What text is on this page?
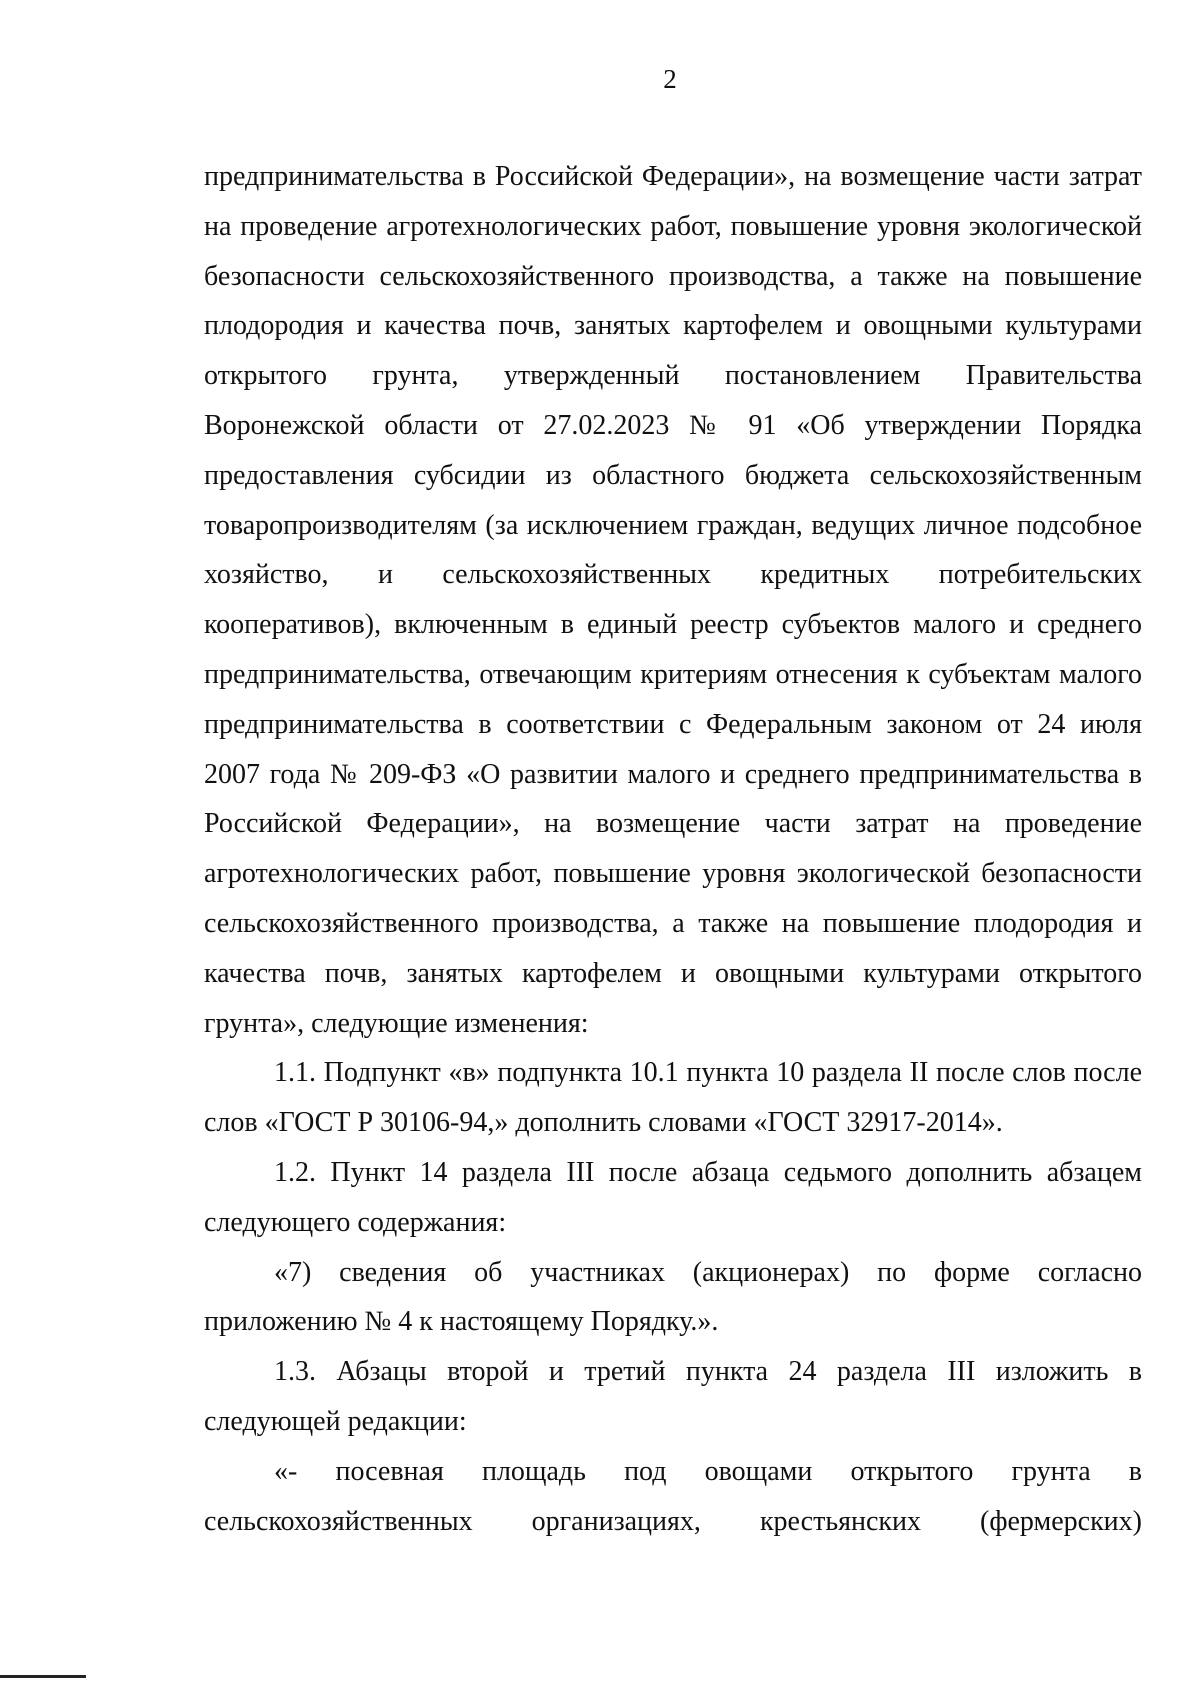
2

предпринимательства в Российской Федерации», на возмещение части затрат на проведение агротехнологических работ, повышение уровня экологической безопасности сельскохозяйственного производства, а также на повышение плодородия и качества почв, занятых картофелем и овощными культурами открытого грунта, утвержденный постановлением Правительства Воронежской области от 27.02.2023 № 91 «Об утверждении Порядка предоставления субсидии из областного бюджета сельскохозяйственным товаропроизводителям (за исключением граждан, ведущих личное подсобное хозяйство, и сельскохозяйственных кредитных потребительских кооперативов), включенным в единый реестр субъектов малого и среднего предпринимательства, отвечающим критериям отнесения к субъектам малого предпринимательства в соответствии с Федеральным законом от 24 июля 2007 года № 209-ФЗ «О развитии малого и среднего предпринимательства в Российской Федерации», на возмещение части затрат на проведение агротехнологических работ, повышение уровня экологической безопасности сельскохозяйственного производства, а также на повышение плодородия и качества почв, занятых картофелем и овощными культурами открытого грунта», следующие изменения:

1.1. Подпункт «в» подпункта 10.1 пункта 10 раздела II после слов после слов «ГОСТ Р 30106-94,» дополнить словами «ГОСТ 32917-2014».

1.2. Пункт 14 раздела III после абзаца седьмого дополнить абзацем следующего содержания:

«7) сведения об участниках (акционерах) по форме согласно приложению № 4 к настоящему Порядку.».

1.3. Абзацы второй и третий пункта 24 раздела III изложить в следующей редакции:

«- посевная площадь под овощами открытого грунта в сельскохозяйственных организациях, крестьянских (фермерских)
